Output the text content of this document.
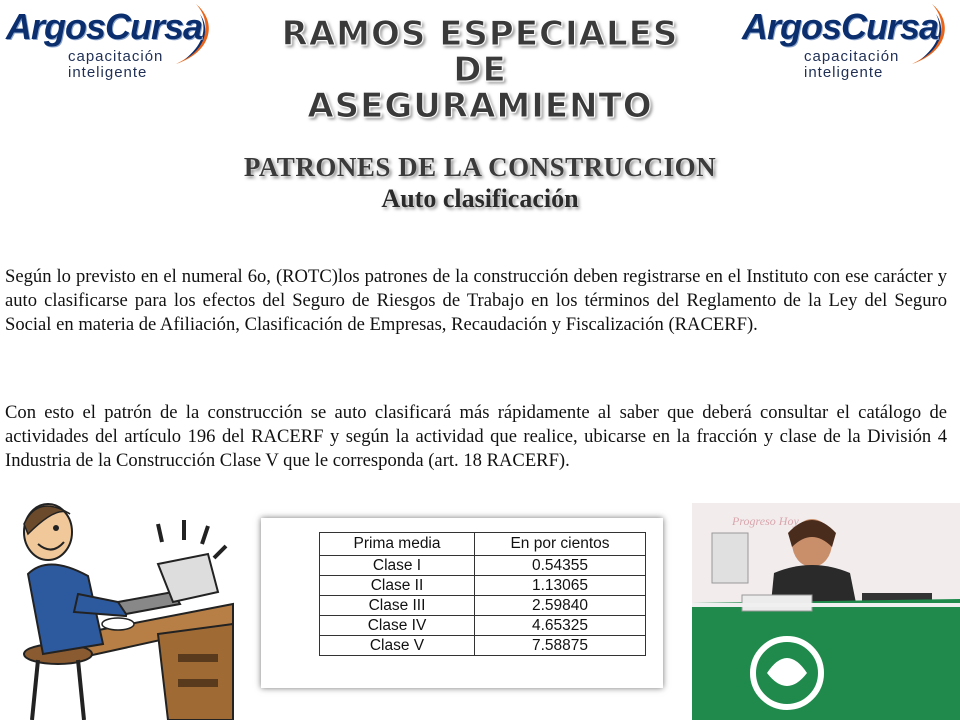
ArgosCursa
capacitación
inteligente
ArgosCursa
capacitación
inteligente
RAMOS ESPECIALES
DE
ASEGURAMIENTO
PATRONES DE LA CONSTRUCCION
Auto clasificación

Según lo previsto en el numeral 6o, (ROTC)los patrones de la construcción deben registrarse en el Instituto con ese carácter y auto clasificarse para los efectos del Seguro de Riesgos de Trabajo en los términos del Reglamento de la Ley del Seguro Social en materia de Afiliación, Clasificación de Empresas, Recaudación y Fiscalización (RACERF).

Con esto el patrón de la construcción se auto clasificará más rápidamente al saber que deberá consultar el catálogo de actividades del artículo 196 del RACERF y según la actividad que realice, ubicarse en la fracción y clase de la División 4 Industria de la Construcción Clase V que le corresponda (art. 18 RACERF).

Prima media	En por cientos
Clase I	0.54355
Clase II	1.13065
Clase III	2.59840
Clase IV	4.65325
Clase V	7.58875
Progreso Hoy
